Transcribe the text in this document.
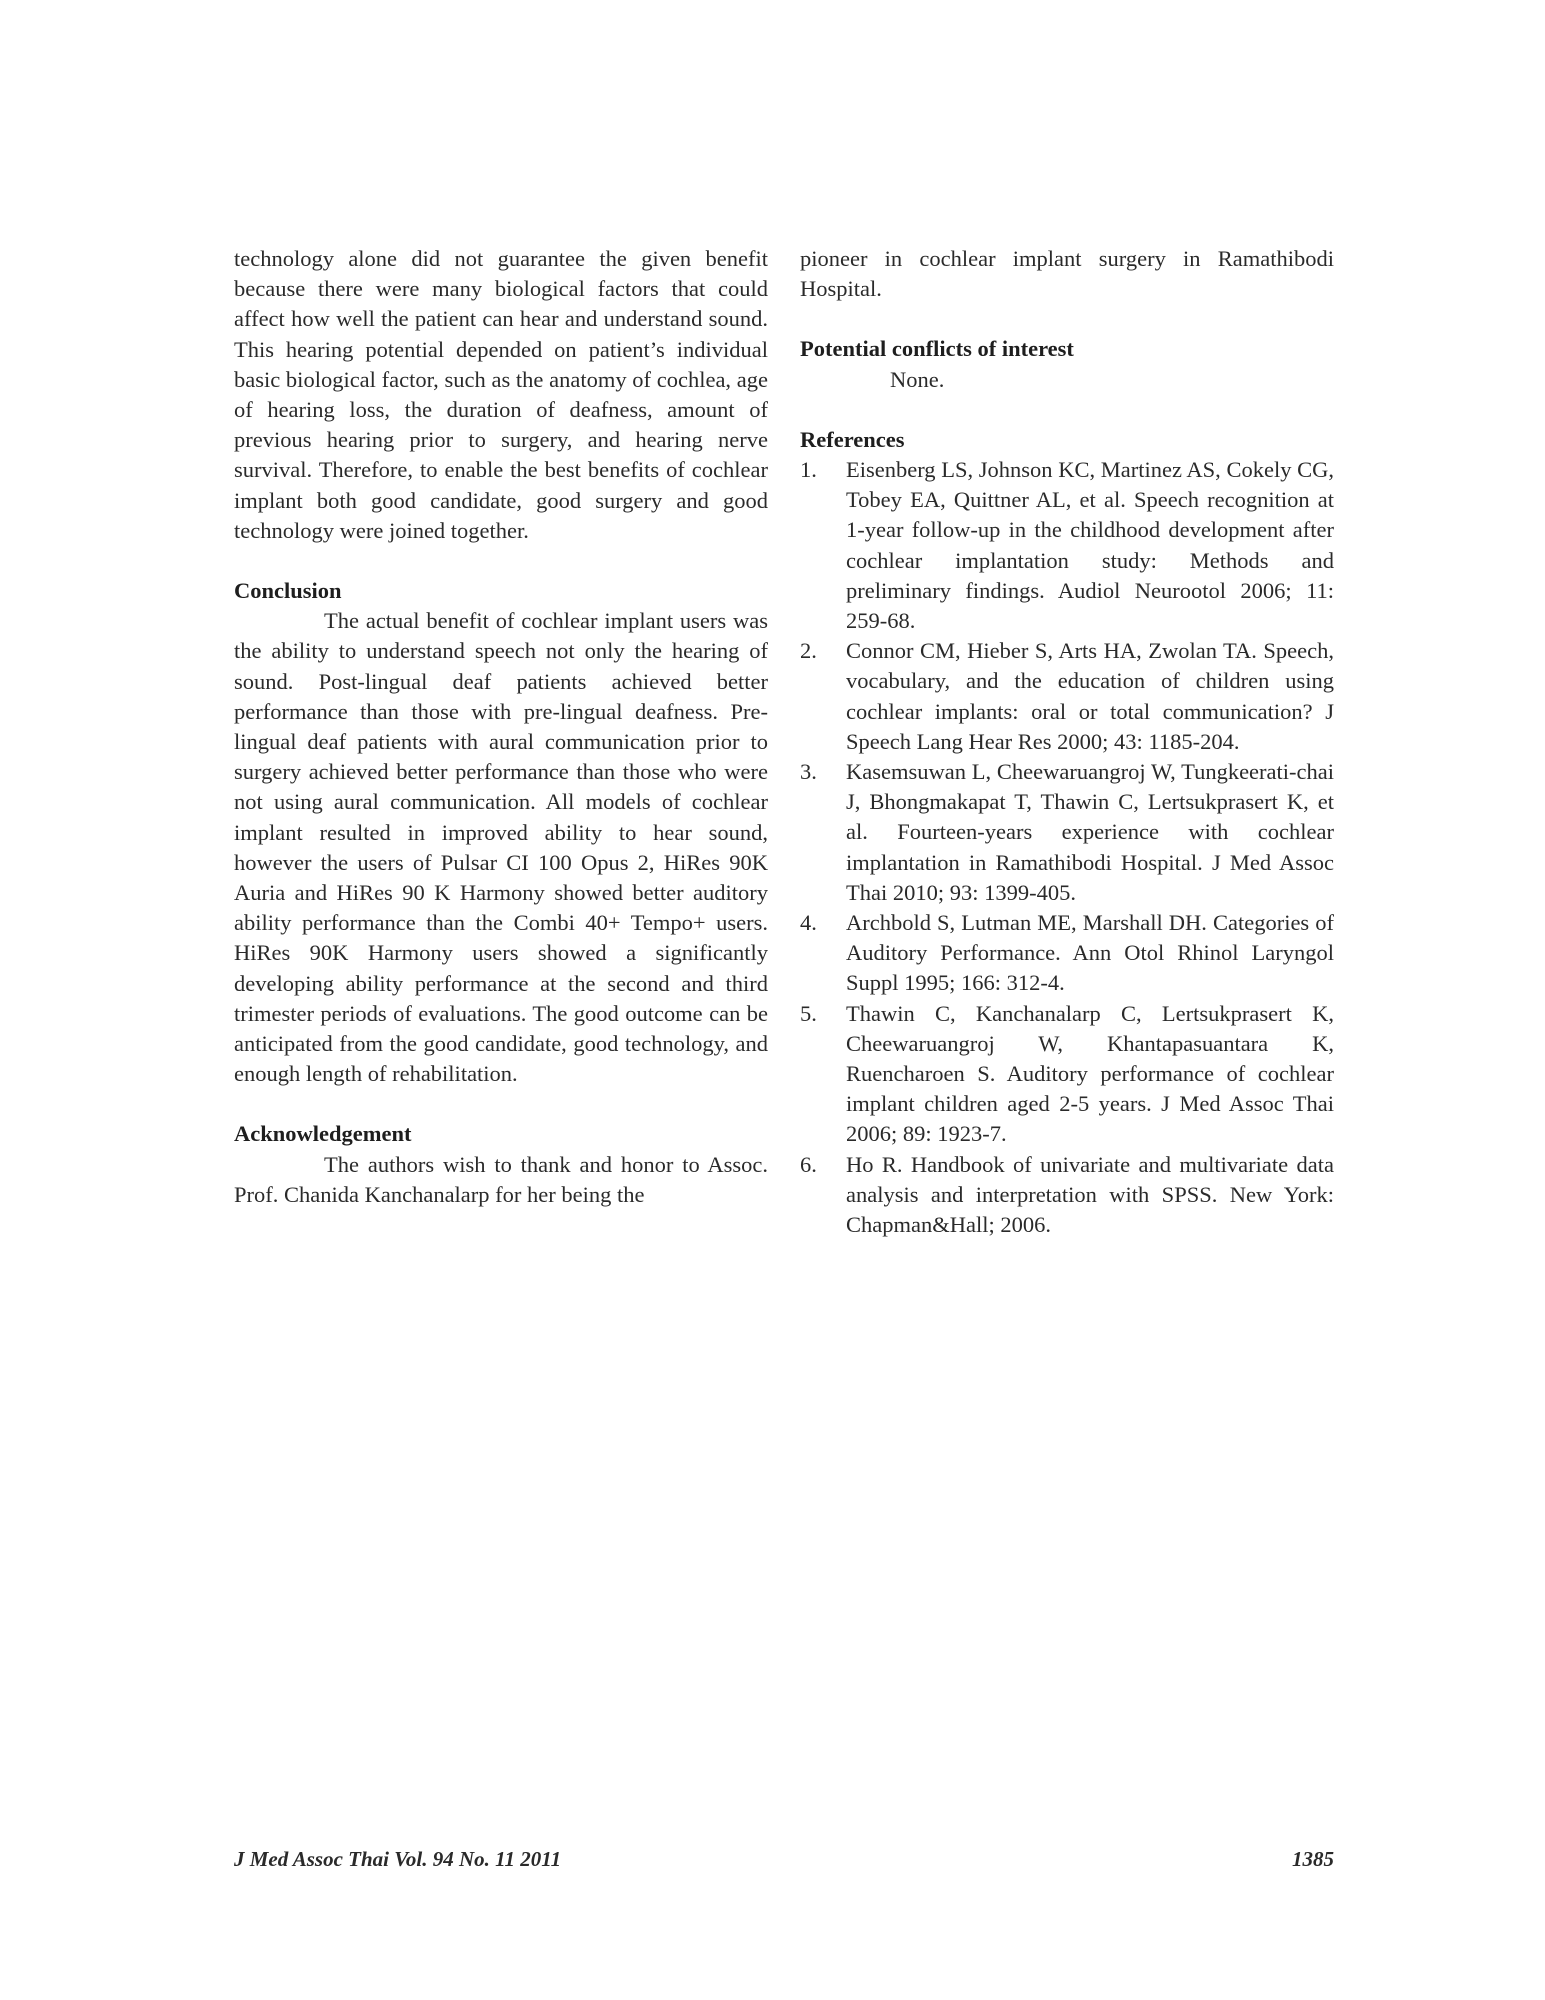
technology alone did not guarantee the given benefit because there were many biological factors that could affect how well the patient can hear and understand sound. This hearing potential depended on patient’s individual basic biological factor, such as the anatomy of cochlea, age of hearing loss, the duration of deafness, amount of previous hearing prior to surgery, and hearing nerve survival. Therefore, to enable the best benefits of cochlear implant both good candidate, good surgery and good technology were joined together.

Conclusion

The actual benefit of cochlear implant users was the ability to understand speech not only the hearing of sound. Post-lingual deaf patients achieved better performance than those with pre-lingual deafness. Pre-lingual deaf patients with aural communication prior to surgery achieved better performance than those who were not using aural communication. All models of cochlear implant resulted in improved ability to hear sound, however the users of Pulsar CI 100 Opus 2, HiRes 90K Auria and HiRes 90 K Harmony showed better auditory ability performance than the Combi 40+ Tempo+ users. HiRes 90K Harmony users showed a significantly developing ability performance at the second and third trimester periods of evaluations. The good outcome can be anticipated from the good candidate, good technology, and enough length of rehabilitation.

Acknowledgement

The authors wish to thank and honor to Assoc. Prof. Chanida Kanchanalarp for her being the

pioneer in cochlear implant surgery in Ramathibodi Hospital.

Potential conflicts of interest

None.

References
1.	Eisenberg LS, Johnson KC, Martinez AS, Cokely CG, Tobey EA, Quittner AL, et al. Speech recognition at 1-year follow-up in the childhood development after cochlear implantation study: Methods and preliminary findings. Audiol Neurootol 2006; 11: 259-68.
2.	Connor CM, Hieber S, Arts HA, Zwolan TA. Speech, vocabulary, and the education of children using cochlear implants: oral or total communication? J Speech Lang Hear Res 2000; 43: 1185-204.
3.	Kasemsuwan L, Cheewaruangroj W, Tungkeerati-chai J, Bhongmakapat T, Thawin C, Lertsukprasert K, et al. Fourteen-years experience with cochlear implantation in Ramathibodi Hospital. J Med Assoc Thai 2010; 93: 1399-405.
4.	Archbold S, Lutman ME, Marshall DH. Categories of Auditory Performance. Ann Otol Rhinol Laryngol Suppl 1995; 166: 312-4.
5.	Thawin C, Kanchanalarp C, Lertsukprasert K, Cheewaruangroj W, Khantapasuantara K, Ruencharoen S. Auditory performance of cochlear implant children aged 2-5 years. J Med Assoc Thai 2006; 89: 1923-7.
6.	Ho R. Handbook of univariate and multivariate data analysis and interpretation with SPSS. New York: Chapman&Hall; 2006.
J Med Assoc Thai Vol. 94 No. 11 2011	1385
